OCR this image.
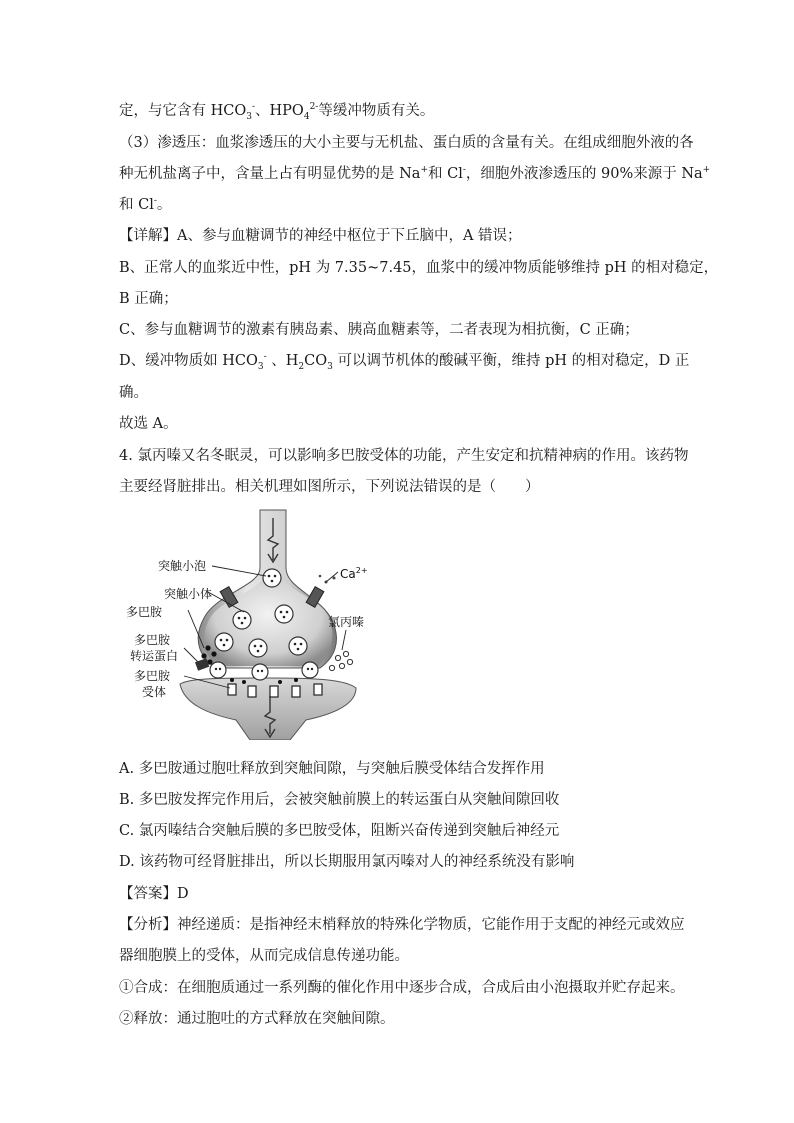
定，与它含有 $HCO_3^-$、$HPO_4^{2-}$等缓冲物质有关。
（3）渗透压：血浆渗透压的大小主要与无机盐、蛋白质的含量有关。在组成细胞外液的各
种无机盐离子中，含量上占有明显优势的是 Na+和 Cl-，细胞外液渗透压的 90%来源于 Na+
和 Cl-。
【详解】A、参与血糖调节的神经中枢位于下丘脑中，A 错误；
B、正常人的血浆近中性，pH 为 7.35~7.45，血浆中的缓冲物质能够维持 pH 的相对稳定，
B 正确；
C、参与血糖调节的激素有胰岛素、胰高血糖素等，二者表现为相抗衡，C 正确；
D、缓冲物质如 $HCO_3^-$ 、$H_2CO_3$ 可以调节机体的酸碱平衡，维持 pH 的相对稳定，D 正
确。
故选 A。
4. 氯丙嗪又名冬眠灵，可以影响多巴胺受体的功能，产生安定和抗精神病的作用。该药物
主要经肾脏排出。相关机理如图所示，下列说法错误的是（　　）
突触小泡
突触小体
多巴胺
多巴胺
转运蛋白
多巴胺
受体
氯丙嗪
$Ca^{2+}$
A. 多巴胺通过胞吐释放到突触间隙，与突触后膜受体结合发挥作用
B. 多巴胺发挥完作用后，会被突触前膜上的转运蛋白从突触间隙回收
C. 氯丙嗪结合突触后膜的多巴胺受体，阻断兴奋传递到突触后神经元
D. 该药物可经肾脏排出，所以长期服用氯丙嗪对人的神经系统没有影响
【答案】D
【分析】神经递质：是指神经末梢释放的特殊化学物质，它能作用于支配的神经元或效应
器细胞膜上的受体，从而完成信息传递功能。
①合成：在细胞质通过一系列酶的催化作用中逐步合成，合成后由小泡摄取并贮存起来。
②释放：通过胞吐的方式释放在突触间隙。
